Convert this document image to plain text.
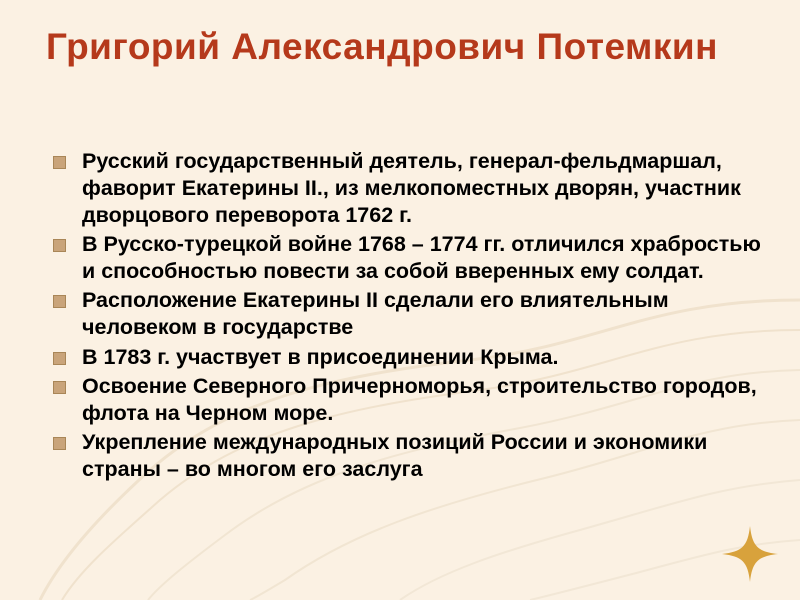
Григорий Александрович Потемкин
Русский государственный деятель, генерал-фельдмаршал, фаворит Екатерины II., из мелкопоместных дворян, участник дворцового переворота 1762 г.
В Русско-турецкой войне 1768 – 1774 гг. отличился храбростью и способностью повести за собой вверенных ему солдат.
Расположение Екатерины II сделали его влиятельным человеком в государстве
В 1783 г. участвует в присоединении Крыма.
Освоение Северного Причерноморья, строительство городов, флота на Черном море.
Укрепление международных позиций России и экономики страны – во многом его заслуга
